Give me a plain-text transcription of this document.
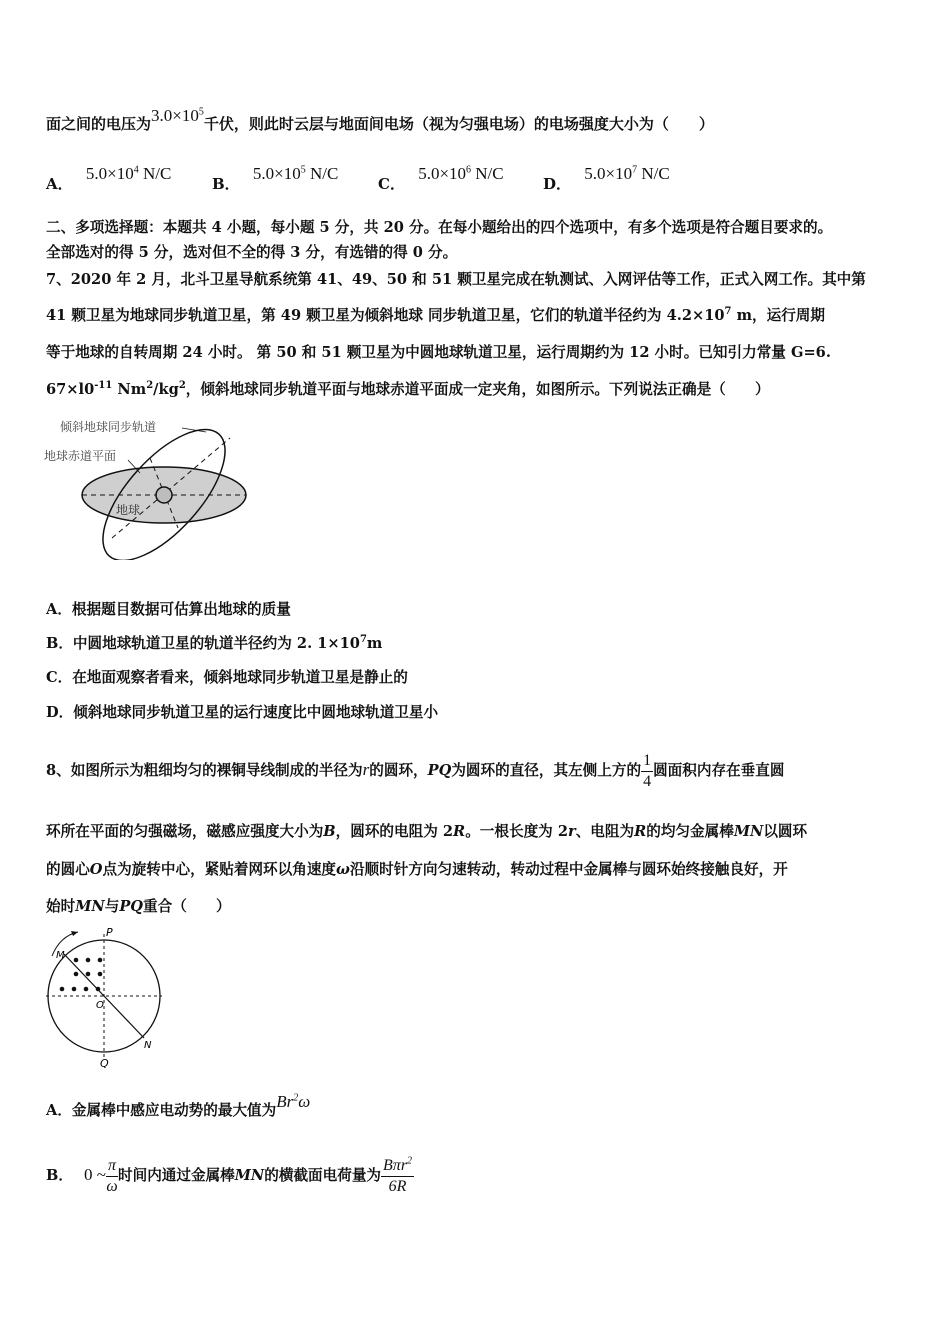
面之间的电压为$3.0\times 10^5$千伏，则此时云层与地面间电场（视为匀强电场）的电场强度大小为（　　）
A． $5.0\times 10^4$ N/C
B． $5.0\times 10^5$ N/C
C． $5.0\times 10^6$ N/C
D． $5.0\times 10^7$ N/C
二、多项选择题：本题共 4 小题，每小题 5 分，共 20 分。在每小题给出的四个选项中，有多个选项是符合题目要求的。
全部选对的得 5 分，选对但不全的得 3 分，有选错的得 0 分。
7、2020 年 2 月，北斗卫星导航系统第 41、49、50 和 51 颗卫星完成在轨测试、入网评估等工作，正式入网工作。其中第
41 颗卫星为地球同步轨道卫星，第 49 颗卫星为倾斜地球 同步轨道卫星，它们的轨道半径约为 $4.2\times 10^7$ m，运行周期
等于地球的自转周期 24 小时。 第 50 和 51 颗卫星为中圆地球轨道卫星，运行周期约为 12 小时。已知引力常量 G=6.
$67\times l0^{-11}$ $Nm^2/kg^2$，倾斜地球同步轨道平面与地球赤道平面成一定夹角，如图所示。下列说法正确是（　　）
倾斜地球同步轨道
地球赤道平面
地球
A．根据题目数据可估算出地球的质量
B．中圆地球轨道卫星的轨道半径约为 2. $1\times 10^7m$
C．在地面观察者看来，倾斜地球同步轨道卫星是静止的
D．倾斜地球同步轨道卫星的运行速度比中圆地球轨道卫星小
8、如图所示为粗细均匀的裸铜导线制成的半径为r的圆环，PQ为圆环的直径，其左侧上方的 $\frac{1}{4}$ 圆面积内存在垂直圆
环所在平面的匀强磁场，磁感应强度大小为B，圆环的电阻为 2R。一根长度为 2r、电阻为R的均匀金属棒MN以圆环
的圆心O点为旋转中心，紧贴着网环以角速度ω沿顺时针方向匀速转动，转动过程中金属棒与圆环始终接触良好，开
始时MN与PQ重合（　　）
P
Q
M
N
O
A．金属棒中感应电动势的最大值为Br$^2$ω
B． 0 ~ $\frac{\pi}{\omega}$ 时间内通过金属棒MN的横截面电荷量为 $\frac{B\pi r^2}{6R}$
